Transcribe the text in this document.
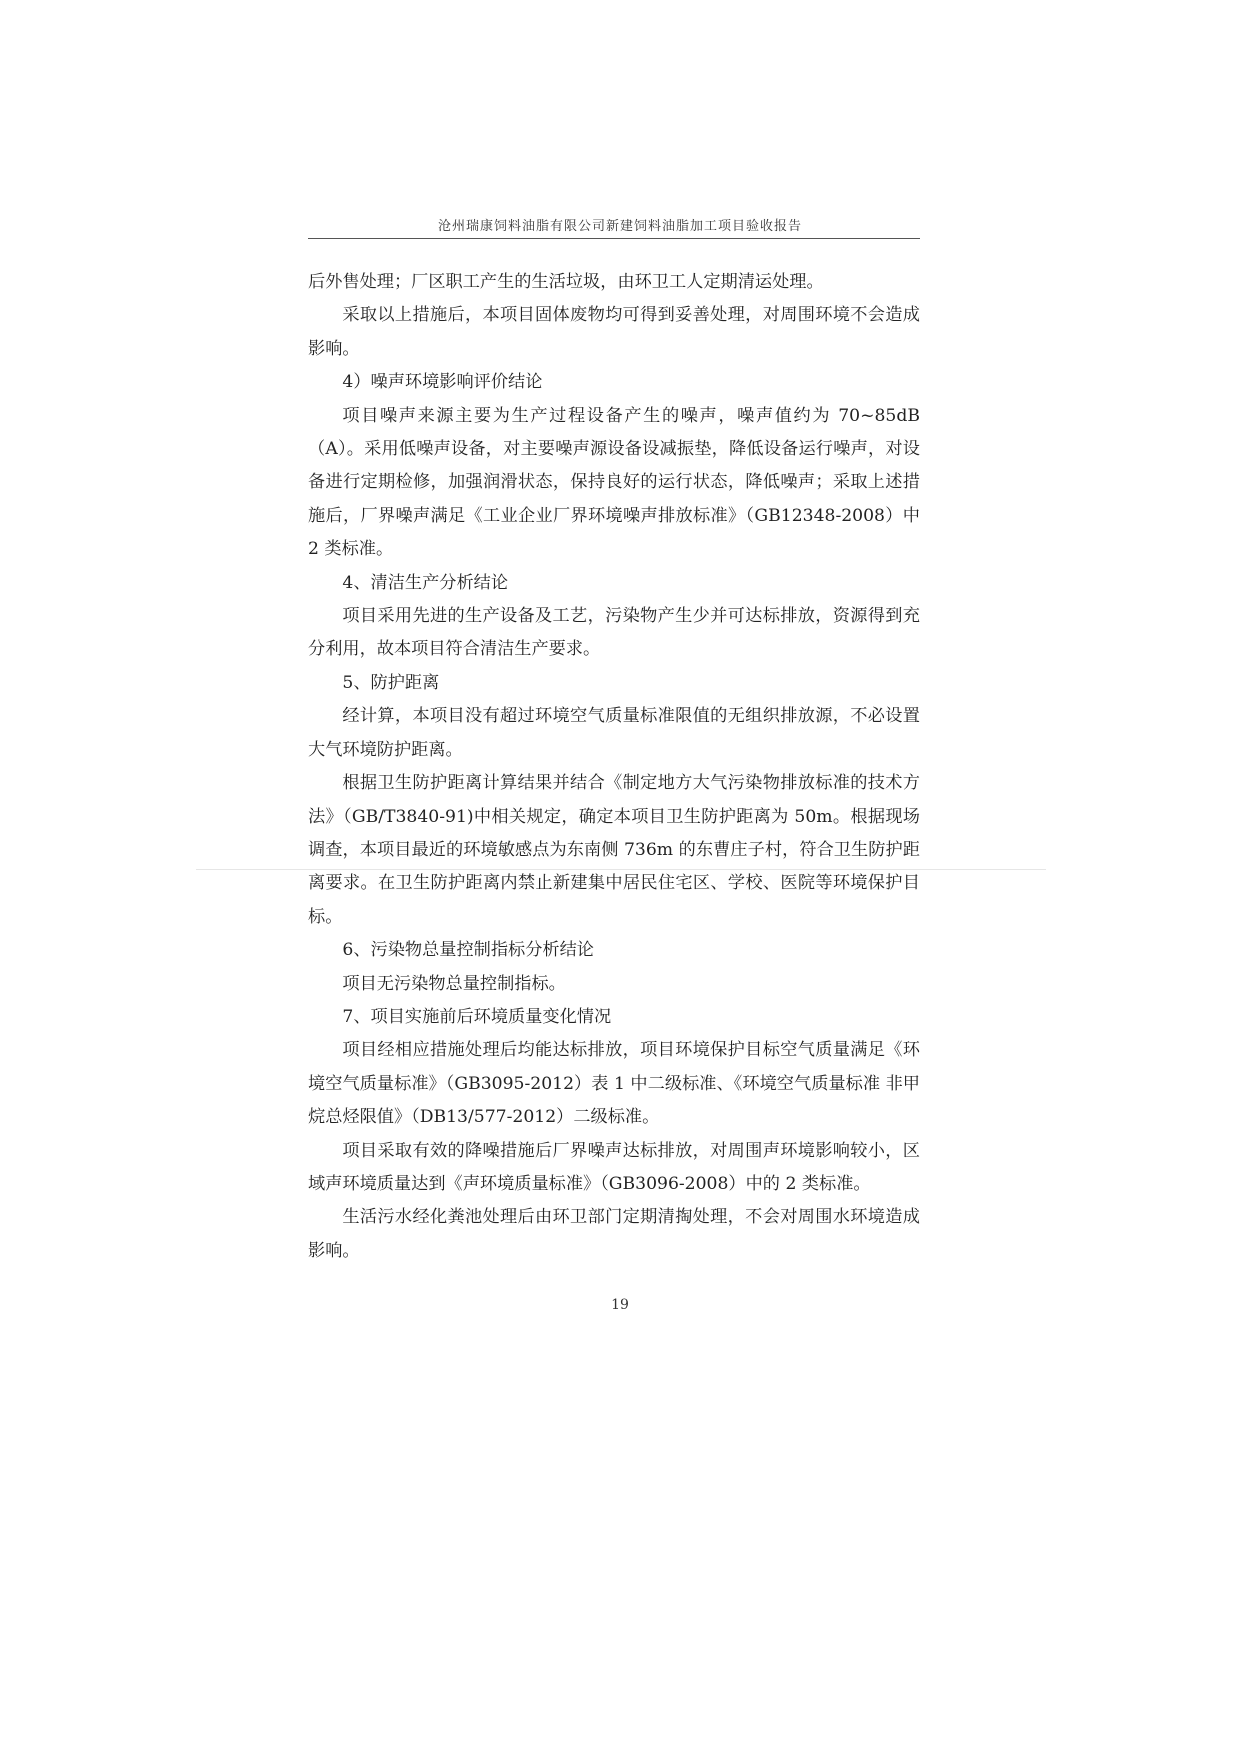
沧州瑞康饲料油脂有限公司新建饲料油脂加工项目验收报告

后外售处理；厂区职工产生的生活垃圾，由环卫工人定期清运处理。

采取以上措施后，本项目固体废物均可得到妥善处理，对周围环境不会造成影响。

4）噪声环境影响评价结论

项目噪声来源主要为生产过程设备产生的噪声，噪声值约为 70~85dB（A）。采用低噪声设备，对主要噪声源设备设减振垫，降低设备运行噪声，对设备进行定期检修，加强润滑状态，保持良好的运行状态，降低噪声；采取上述措施后，厂界噪声满足《工业企业厂界环境噪声排放标准》（GB12348-2008）中 2 类标准。

4、清洁生产分析结论

项目采用先进的生产设备及工艺，污染物产生少并可达标排放，资源得到充分利用，故本项目符合清洁生产要求。

5、防护距离

经计算，本项目没有超过环境空气质量标准限值的无组织排放源，不必设置大气环境防护距离。

根据卫生防护距离计算结果并结合《制定地方大气污染物排放标准的技术方法》（GB/T3840-91)中相关规定，确定本项目卫生防护距离为 50m。根据现场调查，本项目最近的环境敏感点为东南侧 736m 的东曹庄子村，符合卫生防护距离要求。在卫生防护距离内禁止新建集中居民住宅区、学校、医院等环境保护目标。

6、污染物总量控制指标分析结论

项目无污染物总量控制指标。

7、项目实施前后环境质量变化情况

项目经相应措施处理后均能达标排放，项目环境保护目标空气质量满足《环境空气质量标准》（GB3095-2012）表 1 中二级标准、《环境空气质量标准 非甲烷总烃限值》（DB13/577-2012）二级标准。

项目采取有效的降噪措施后厂界噪声达标排放，对周围声环境影响较小，区域声环境质量达到《声环境质量标准》（GB3096-2008）中的 2 类标准。

生活污水经化粪池处理后由环卫部门定期清掏处理，不会对周围水环境造成影响。

19
